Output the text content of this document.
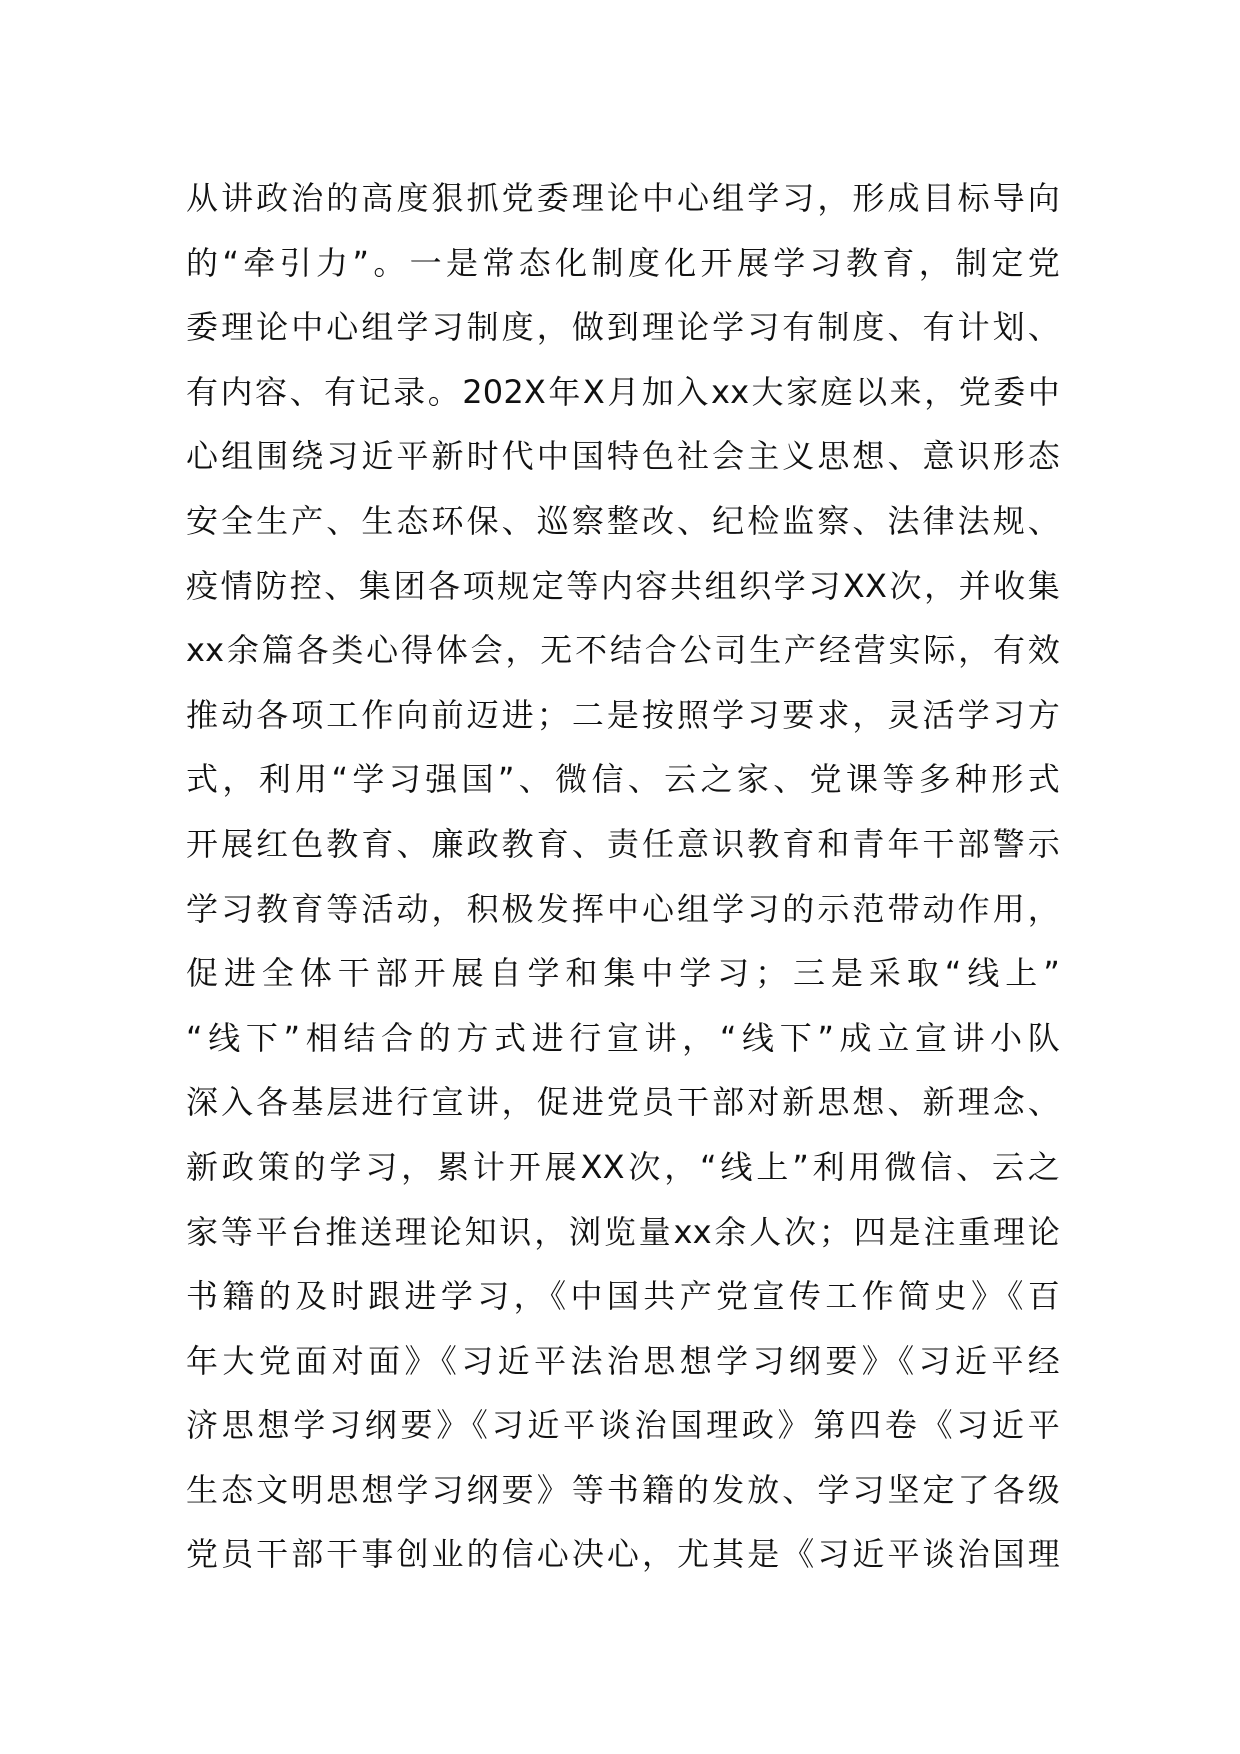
从讲政治的高度狠抓党委理论中心组学习，形成目标导向
的“牵引力”。一是常态化制度化开展学习教育，制定党
委理论中心组学习制度，做到理论学习有制度、有计划、
有内容、有记录。202X年X月加入xx大家庭以来，党委中
心组围绕习近平新时代中国特色社会主义思想、意识形态
安全生产、生态环保、巡察整改、纪检监察、法律法规、
疫情防控、集团各项规定等内容共组织学习XX次，并收集
xx余篇各类心得体会，无不结合公司生产经营实际，有效
推动各项工作向前迈进；二是按照学习要求，灵活学习方
式，利用“学习强国”、微信、云之家、党课等多种形式
开展红色教育、廉政教育、责任意识教育和青年干部警示
学习教育等活动，积极发挥中心组学习的示范带动作用，
促进全体干部开展自学和集中学习；三是采取“线上”
“线下”相结合的方式进行宣讲，“线下”成立宣讲小队
深入各基层进行宣讲，促进党员干部对新思想、新理念、
新政策的学习，累计开展XX次，“线上”利用微信、云之
家等平台推送理论知识，浏览量xx余人次；四是注重理论
书籍的及时跟进学习，《中国共产党宣传工作简史》《百
年大党面对面》《习近平法治思想学习纲要》《习近平经
济思想学习纲要》《习近平谈治国理政》第四卷《习近平
生态文明思想学习纲要》等书籍的发放、学习坚定了各级
党员干部干事创业的信心决心，尤其是《习近平谈治国理
